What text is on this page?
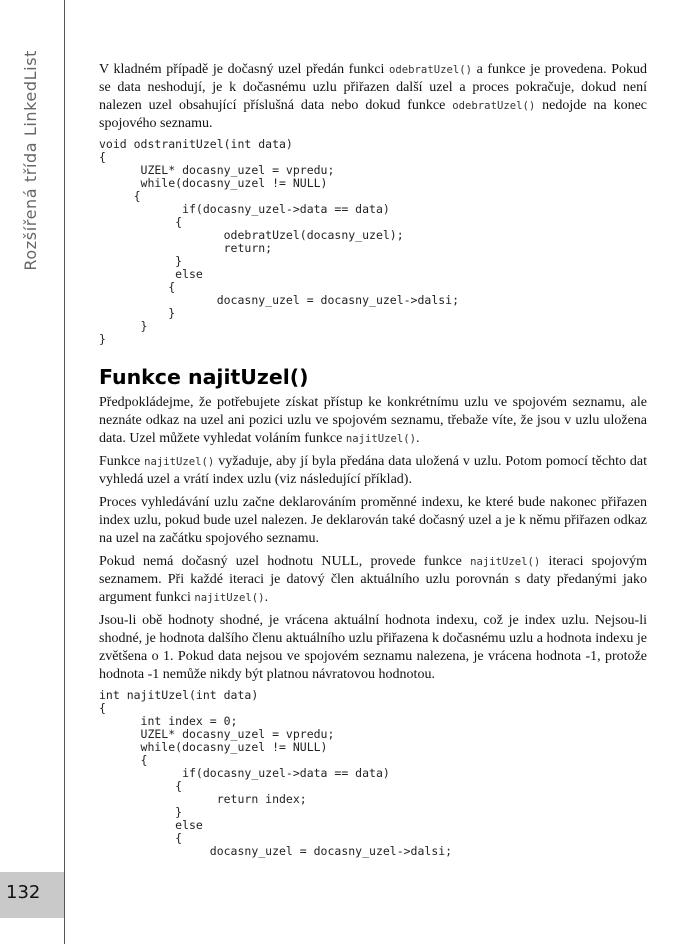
Rozšířená třída LinkedList
132

V kladném případě je dočasný uzel předán funkci odebratUzel() a funkce je provedena. Pokud se data neshodují, je k dočasnému uzlu přiřazen další uzel a proces pokračuje, dokud není nalezen uzel obsahující příslušná data nebo dokud funkce odebratUzel() nedojde na konec spojového seznamu.

void odstranitUzel(int data)
{
UZEL* docasny_uzel = vpredu;
while(docasny_uzel != NULL)
{
if(docasny_uzel->data == data)
{
odebratUzel(docasny_uzel);
return;
}
else
{
docasny_uzel = docasny_uzel->dalsi;
}
}
}
Funkce najitUzel()

Předpokládejme, že potřebujete získat přístup ke konkrétnímu uzlu ve spojovém seznamu, ale neznáte odkaz na uzel ani pozici uzlu ve spojovém seznamu, třebaže víte, že jsou v uzlu uložena data. Uzel můžete vyhledat voláním funkce najitUzel().

Funkce najitUzel() vyžaduje, aby jí byla předána data uložená v uzlu. Potom pomocí těchto dat vyhledá uzel a vrátí index uzlu (viz následující příklad).

Proces vyhledávání uzlu začne deklarováním proměnné indexu, ke které bude nakonec přiřazen index uzlu, pokud bude uzel nalezen. Je deklarován také dočasný uzel a je k němu přiřazen odkaz na uzel na začátku spojového seznamu.

Pokud nemá dočasný uzel hodnotu NULL, provede funkce najitUzel() iteraci spojovým seznamem. Při každé iteraci je datový člen aktuálního uzlu porovnán s daty předanými jako argument funkci najitUzel().

Jsou-li obě hodnoty shodné, je vrácena aktuální hodnota indexu, což je index uzlu. Nejsou-li shodné, je hodnota dalšího členu aktuálního uzlu přiřazena k dočasnému uzlu a hodnota indexu je zvětšena o 1. Pokud data nejsou ve spojovém seznamu nalezena, je vrácena hodnota -1, protože hodnota -1 nemůže nikdy být platnou návratovou hodnotou.

int najitUzel(int data)
{
int index = 0;
UZEL* docasny_uzel = vpredu;
while(docasny_uzel != NULL)
{
if(docasny_uzel->data == data)
{
return index;
}
else
{
docasny_uzel = docasny_uzel->dalsi;
